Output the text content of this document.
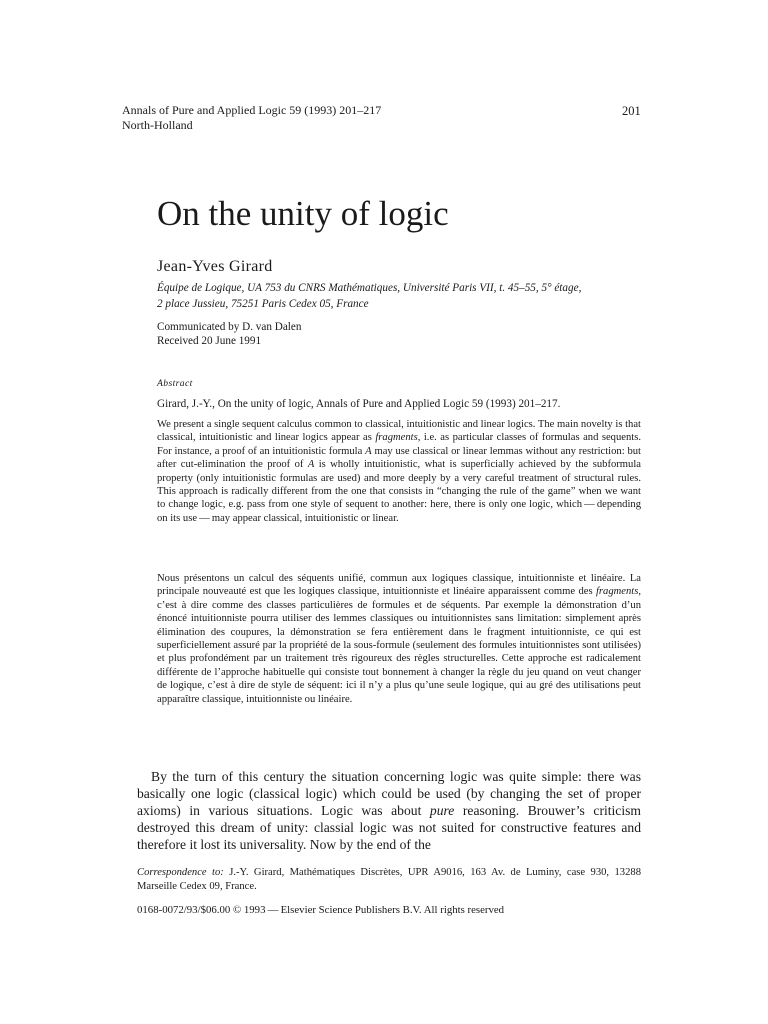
Annals of Pure and Applied Logic 59 (1993) 201–217
North-Holland
201
On the unity of logic
Jean-Yves Girard
Équipe de Logique, UA 753 du CNRS Mathématiques, Université Paris VII, t. 45–55, 5° étage,
2 place Jussieu, 75251 Paris Cedex 05, France
Communicated by D. van Dalen
Received 20 June 1991
Abstract
Girard, J.-Y., On the unity of logic, Annals of Pure and Applied Logic 59 (1993) 201–217.

We present a single sequent calculus common to classical, intuitionistic and linear logics. The main novelty is that classical, intuitionistic and linear logics appear as fragments, i.e. as particular classes of formulas and sequents. For instance, a proof of an intuitionistic formula A may use classical or linear lemmas without any restriction: but after cut-elimination the proof of A is wholly intuitionistic, what is superficially achieved by the subformula property (only intuitionistic formulas are used) and more deeply by a very careful treatment of structural rules. This approach is radically different from the one that consists in “changing the rule of the game” when we want to change logic, e.g. pass from one style of sequent to another: here, there is only one logic, which — depending on its use — may appear classical, intuitionistic or linear.

Nous présentons un calcul des séquents unifié, commun aux logiques classique, intuitionniste et linéaire. La principale nouveauté est que les logiques classique, intuitionniste et linéaire apparaissent comme des fragments, c’est à dire comme des classes particulières de formules et de séquents. Par exemple la démonstration d’un énoncé intuitionniste pourra utiliser des lemmes classiques ou intuitionnistes sans limitation: simplement après élimination des coupures, la démonstration se fera entièrement dans le fragment intuitionniste, ce qui est superficiellement assuré par la propriété de la sous-formule (seulement des formules intuitionnistes sont utilisées) et plus profondément par un traitement très rigoureux des règles structurelles. Cette approche est radicalement différente de l’approche habituelle qui consiste tout bonnement à changer la règle du jeu quand on veut changer de logique, c’est à dire de style de séquent: ici il n’y a plus qu’une seule logique, qui au gré des utilisations peut apparaître classique, intuitionniste ou linéaire.

By the turn of this century the situation concerning logic was quite simple: there was basically one logic (classical logic) which could be used (by changing the set of proper axioms) in various situations. Logic was about pure reasoning. Brouwer’s criticism destroyed this dream of unity: classial logic was not suited for constructive features and therefore it lost its universality. Now by the end of the

Correspondence to: J.-Y. Girard, Mathématiques Discrètes, UPR A9016, 163 Av. de Luminy, case 930, 13288 Marseille Cedex 09, France.

0168-0072/93/$06.00 © 1993 — Elsevier Science Publishers B.V. All rights reserved
